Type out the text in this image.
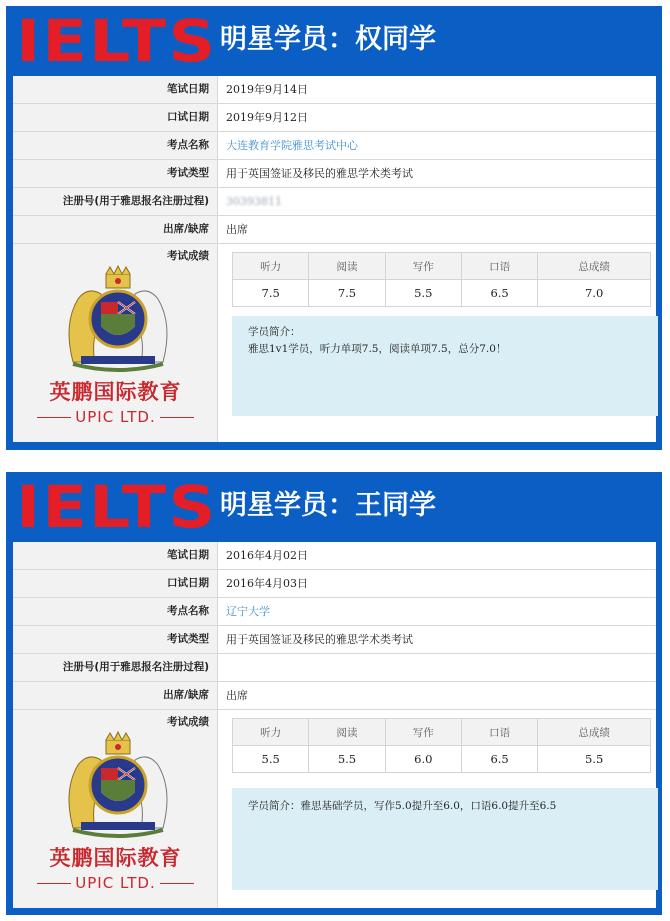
IELTS 明星学员：权同学
笔试日期 2019年9月14日
口试日期 2019年9月12日
考点名称 大连教育学院雅思考试中心
考试类型 用于英国签证及移民的雅思学术类考试
注册号(用于雅思报名注册过程) 30393811
出席/缺席 出席
考试成绩
英鹏国际教育
UPIC LTD.
听力	阅读	写作	口语	总成绩
7.5	7.5	5.5	6.5	7.0
学员简介：
雅思1v1学员，听力单项7.5，阅读单项7.5，总分7.0！
IELTS 明星学员：王同学
笔试日期 2016年4月02日
口试日期 2016年4月03日
考点名称 辽宁大学
考试类型 用于英国签证及移民的雅思学术类考试
注册号(用于雅思报名注册过程)
出席/缺席 出席
考试成绩
英鹏国际教育
UPIC LTD.
听力	阅读	写作	口语	总成绩
5.5	5.5	6.0	6.5	5.5
学员简介：雅思基础学员，写作5.0提升至6.0，口语6.0提升至6.5
